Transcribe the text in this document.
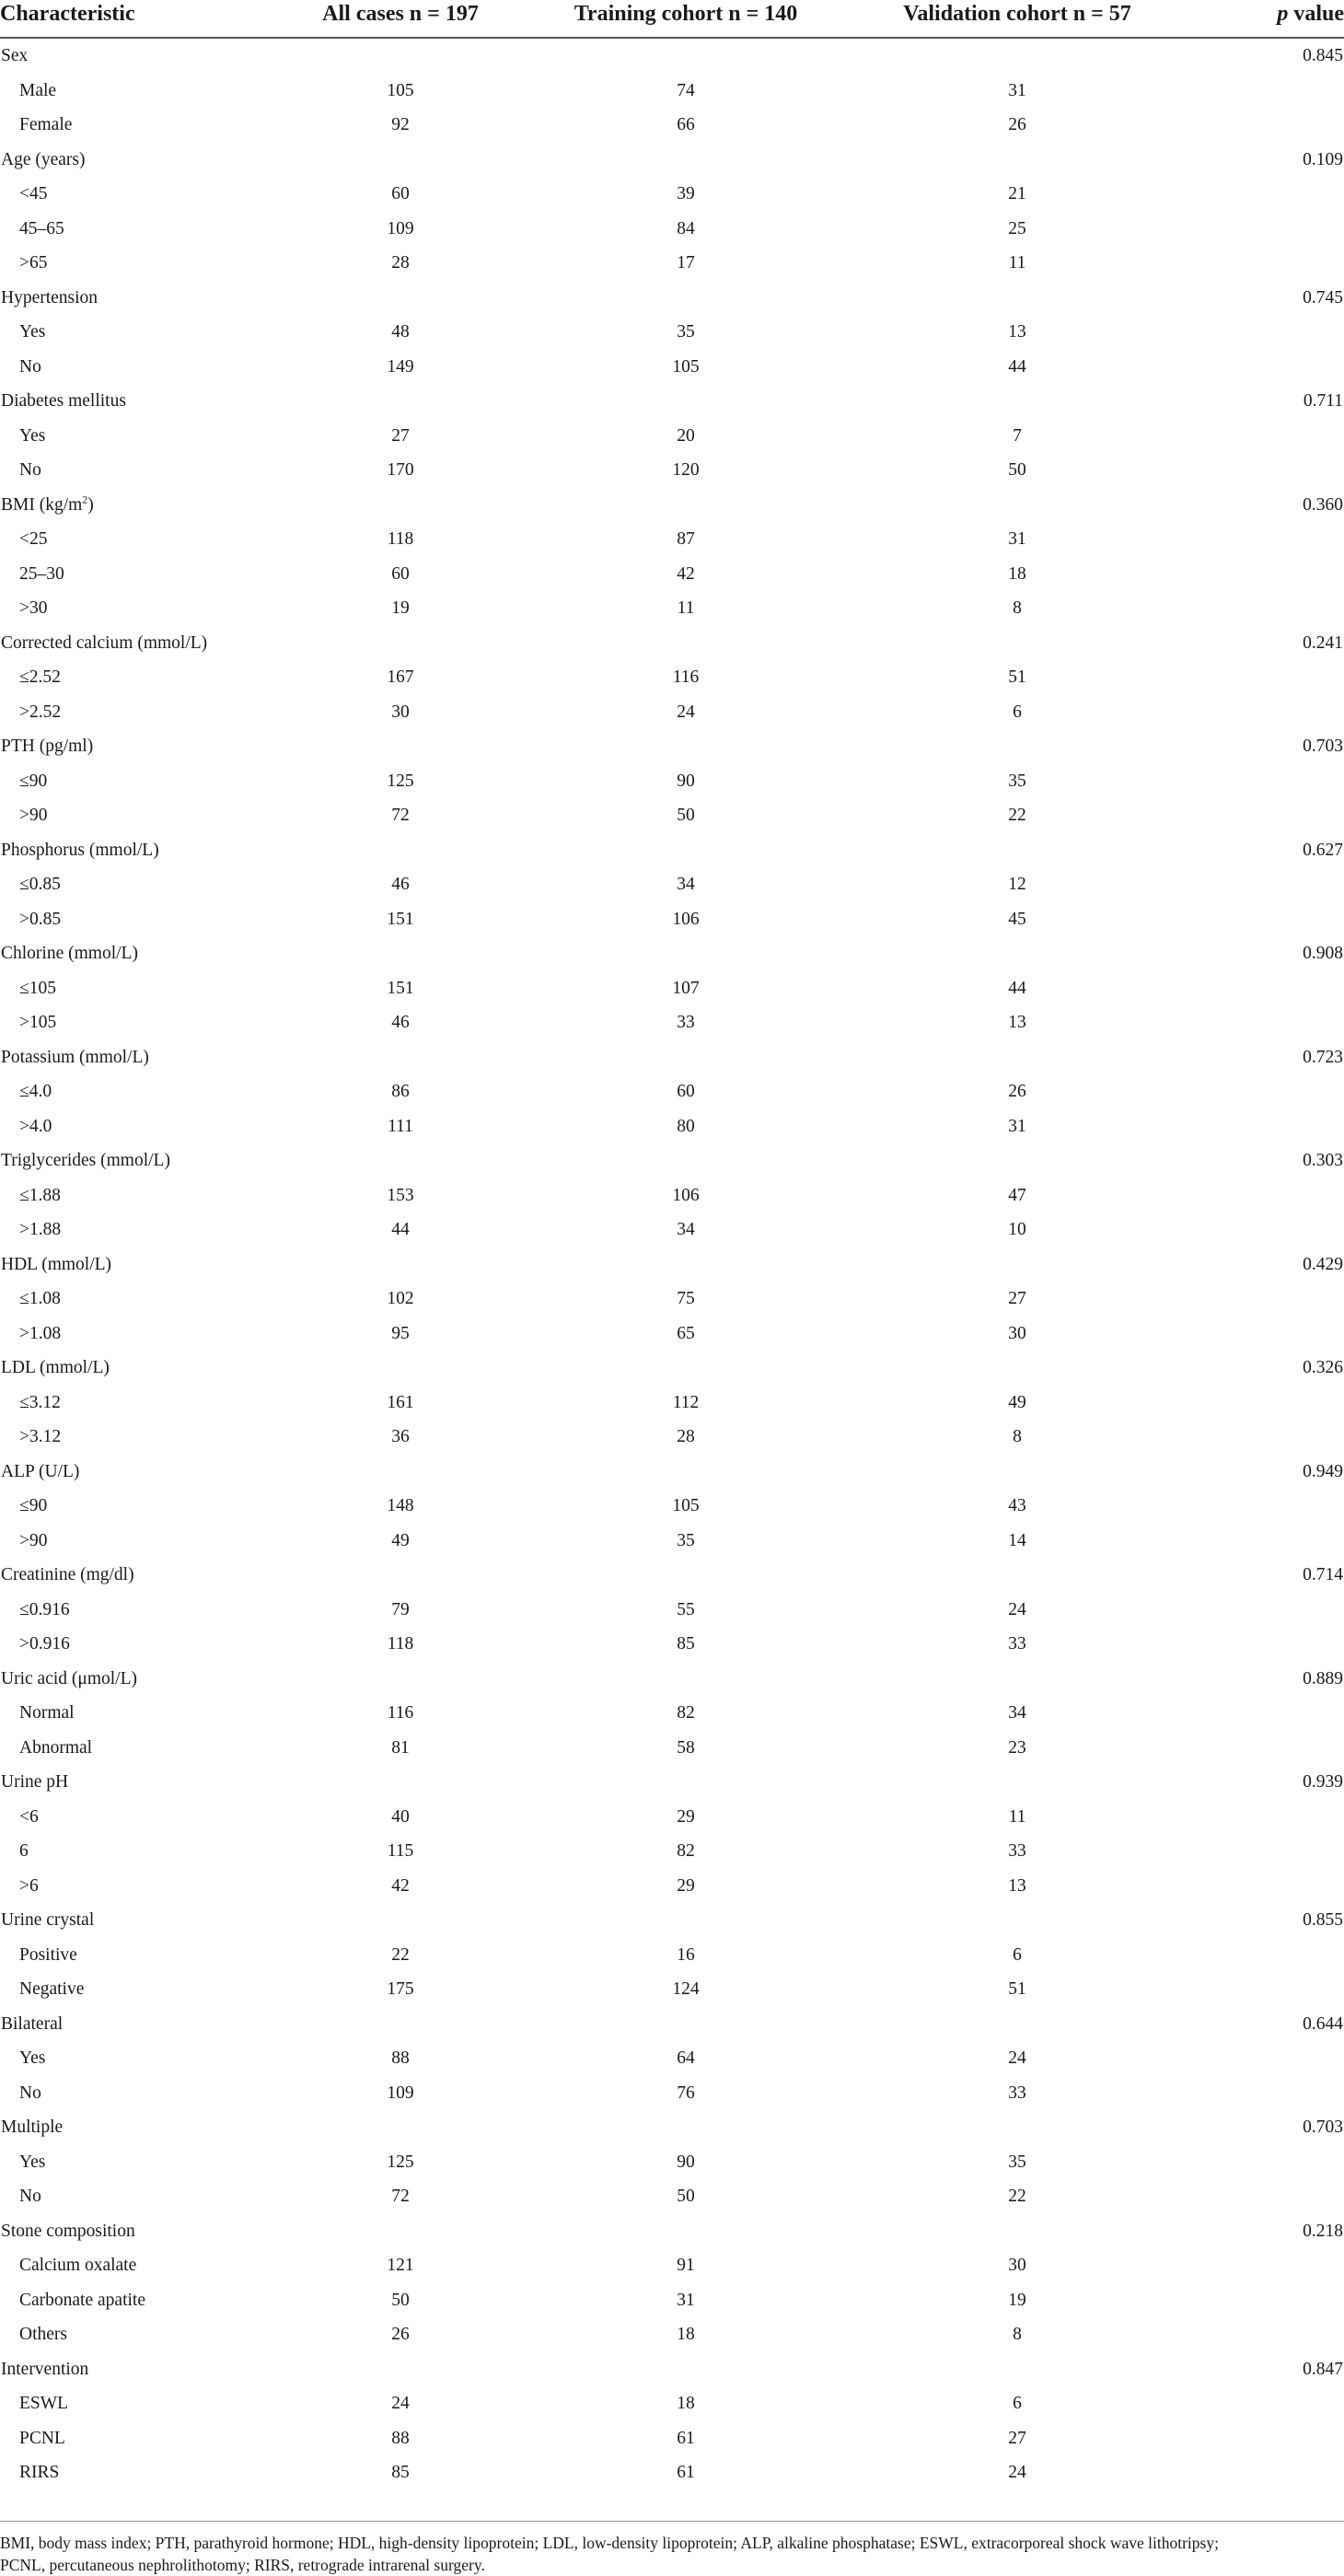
Characteristic	All cases n = 197	Training cohort n = 140	Validation cohort n = 57	p value
Sex				0.845
Male	105	74	31	
Female	92	66	26	
Age (years)				0.109
<45	60	39	21	
45–65	109	84	25	
>65	28	17	11	
Hypertension				0.745
Yes	48	35	13	
No	149	105	44	
Diabetes mellitus				0.711
Yes	27	20	7	
No	170	120	50	
BMI $(kg/m^2)$				0.360
<25	118	87	31	
25–30	60	42	18	
>30	19	11	8	
Corrected calcium (mmol/L)				0.241
≤2.52	167	116	51	
>2.52	30	24	6	
PTH (pg/ml)				0.703
≤90	125	90	35	
>90	72	50	22	
Phosphorus (mmol/L)				0.627
≤0.85	46	34	12	
>0.85	151	106	45	
Chlorine (mmol/L)				0.908
≤105	151	107	44	
>105	46	33	13	
Potassium (mmol/L)				0.723
≤4.0	86	60	26	
>4.0	111	80	31	
Triglycerides (mmol/L)				0.303
≤1.88	153	106	47	
>1.88	44	34	10	
HDL (mmol/L)				0.429
≤1.08	102	75	27	
>1.08	95	65	30	
LDL (mmol/L)				0.326
≤3.12	161	112	49	
>3.12	36	28	8	
ALP (U/L)				0.949
≤90	148	105	43	
>90	49	35	14	
Creatinine (mg/dl)				0.714
≤0.916	79	55	24	
>0.916	118	85	33	
Uric acid (μmol/L)				0.889
Normal	116	82	34	
Abnormal	81	58	23	
Urine pH				0.939
<6	40	29	11	
6	115	82	33	
>6	42	29	13	
Urine crystal				0.855
Positive	22	16	6	
Negative	175	124	51	
Bilateral				0.644
Yes	88	64	24	
No	109	76	33	
Multiple				0.703
Yes	125	90	35	
No	72	50	22	
Stone composition				0.218
Calcium oxalate	121	91	30	
Carbonate apatite	50	31	19	
Others	26	18	8	
Intervention				0.847
ESWL	24	18	6	
PCNL	88	61	27	
RIRS	85	61	24	
BMI, body mass index; PTH, parathyroid hormone; HDL, high-density lipoprotein; LDL, low-density lipoprotein; ALP, alkaline phosphatase; ESWL, extracorporeal shock wave lithotripsy;
PCNL, percutaneous nephrolithotomy; RIRS, retrograde intrarenal surgery.
